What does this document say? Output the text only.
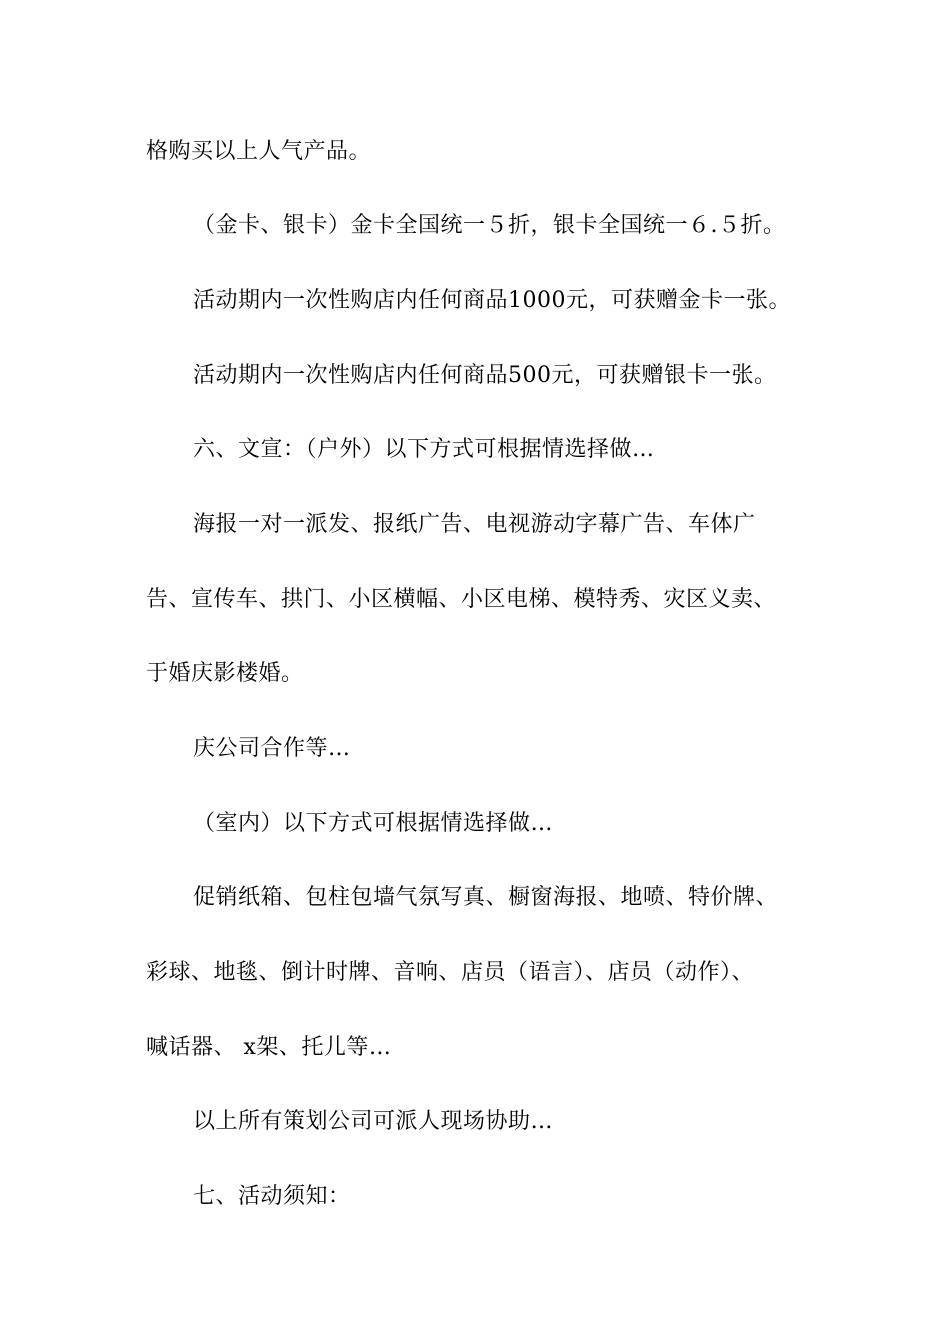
格购买以上人气产品。
（金卡、银卡）金卡全国统一５折，银卡全国统一６.５折。
活动期内一次性购店内任何商品1000元，可获赠金卡一张。
活动期内一次性购店内任何商品500元，可获赠银卡一张。
六、文宣：（户外）以下方式可根据情选择做…
海报一对一派发、报纸广告、电视游动字幕广告、车体广
告、宣传车、拱门、小区横幅、小区电梯、模特秀、灾区义卖、
于婚庆影楼婚。
庆公司合作等…
（室内）以下方式可根据情选择做…
促销纸箱、包柱包墙气氛写真、橱窗海报、地喷、特价牌、
彩球、地毯、倒计时牌、音响、店员（语言）、店员（动作）、
喊话器、 x架、托儿等…
以上所有策划公司可派人现场协助…
七、活动须知：
